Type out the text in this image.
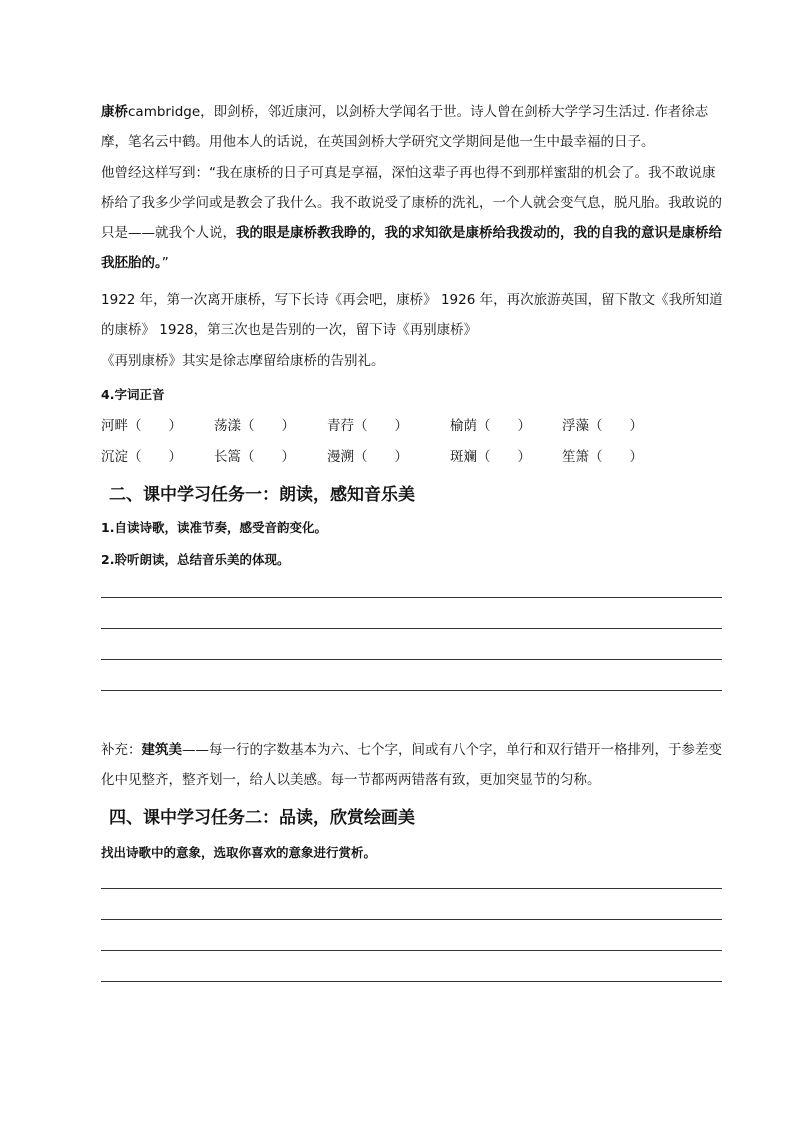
康桥cambridge，即剑桥，邻近康河，以剑桥大学闻名于世。诗人曾在剑桥大学学习生活过. 作者徐志摩，笔名云中鹤。用他本人的话说，在英国剑桥大学研究文学期间是他一生中最幸福的日子。

他曾经这样写到：“我在康桥的日子可真是享福，深怕这辈子再也得不到那样蜜甜的机会了。我不敢说康桥给了我多少学问或是教会了我什么。我不敢说受了康桥的洗礼，一个人就会变气息，脱凡胎。我敢说的只是——就我个人说，我的眼是康桥教我睁的，我的求知欲是康桥给我拨动的，我的自我的意识是康桥给我胚胎的。”

1922 年，第一次离开康桥，写下长诗《再会吧，康桥》 1926 年，再次旅游英国，留下散文《我所知道的康桥》 1928，第三次也是告别的一次，留下诗《再别康桥》

《再别康桥》其实是徐志摩留给康桥的告别礼。

4.字词正音

河畔（　　） 荡漾（　　） 青荇（　　）	榆荫（　　） 浮藻（　　）
沉淀（　　） 长篙（　　） 漫溯（　　）	斑斓（　　） 笙箫（　　）

二、课中学习任务一：朗读，感知音乐美

1.自读诗歌，读准节奏，感受音韵变化。

2.聆听朗读，总结音乐美的体现。

补充：建筑美——每一行的字数基本为六、七个字，间或有八个字，单行和双行错开一格排列，于参差变化中见整齐，整齐划一，给人以美感。每一节都两两错落有致，更加突显节的匀称。

四、课中学习任务二：品读，欣赏绘画美

找出诗歌中的意象，选取你喜欢的意象进行赏析。
